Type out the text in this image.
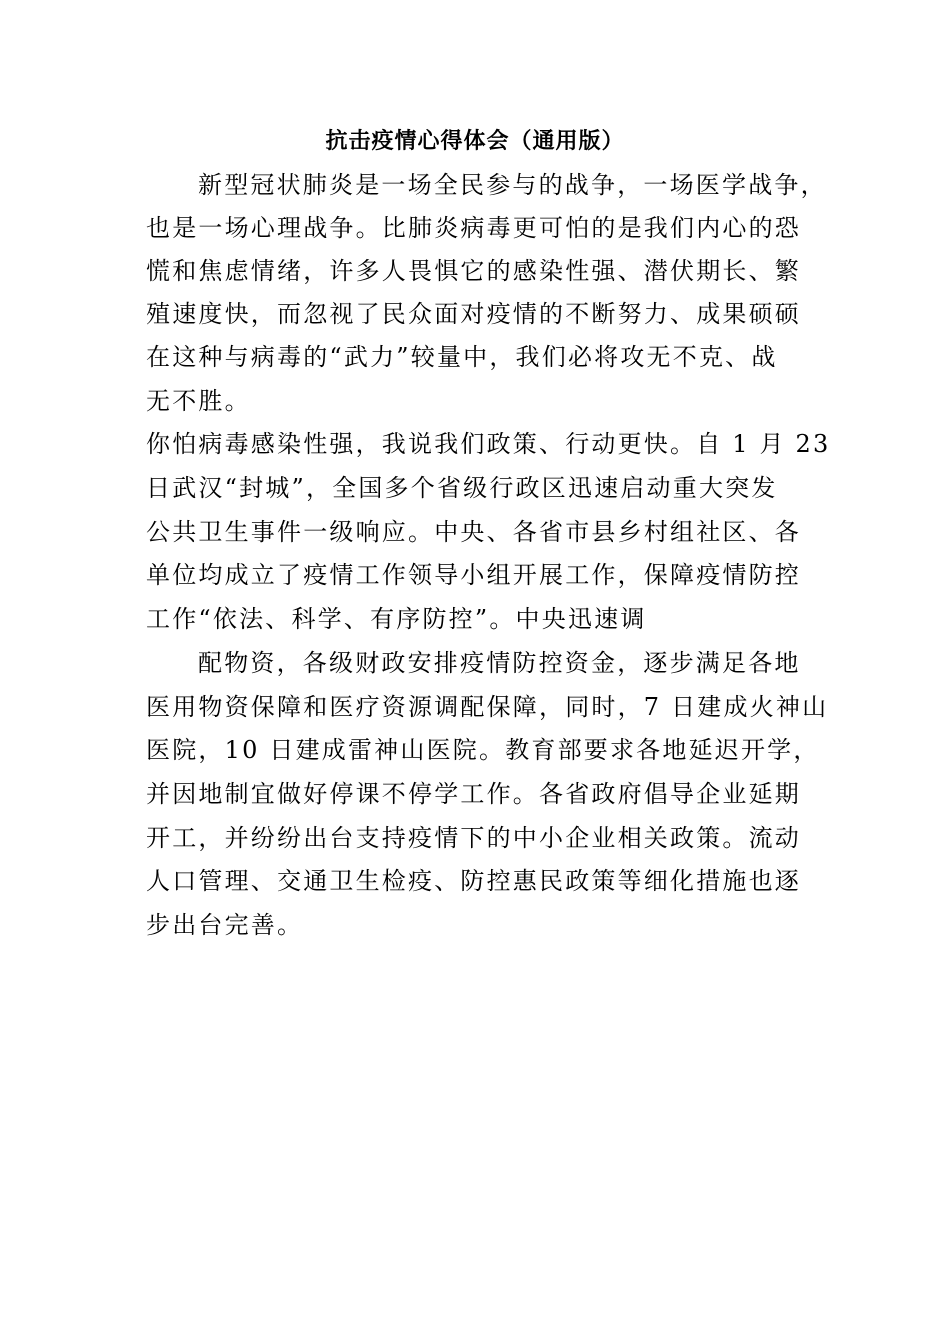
抗击疫情心得体会（通用版）
新型冠状肺炎是一场全民参与的战争，一场医学战争，
也是一场心理战争。比肺炎病毒更可怕的是我们内心的恐
慌和焦虑情绪，许多人畏惧它的感染性强、潜伏期长、繁
殖速度快，而忽视了民众面对疫情的不断努力、成果硕硕
在这种与病毒的“武力”较量中，我们必将攻无不克、战
无不胜。
你怕病毒感染性强，我说我们政策、行动更快。自 1 月 23
日武汉“封城”，全国多个省级行政区迅速启动重大突发
公共卫生事件一级响应。中央、各省市县乡村组社区、各
单位均成立了疫情工作领导小组开展工作，保障疫情防控
工作“依法、科学、有序防控”。中央迅速调
配物资，各级财政安排疫情防控资金，逐步满足各地
医用物资保障和医疗资源调配保障，同时，7 日建成火神山
医院，10 日建成雷神山医院。教育部要求各地延迟开学，
并因地制宜做好停课不停学工作。各省政府倡导企业延期
开工，并纷纷出台支持疫情下的中小企业相关政策。流动
人口管理、交通卫生检疫、防控惠民政策等细化措施也逐
步出台完善。
